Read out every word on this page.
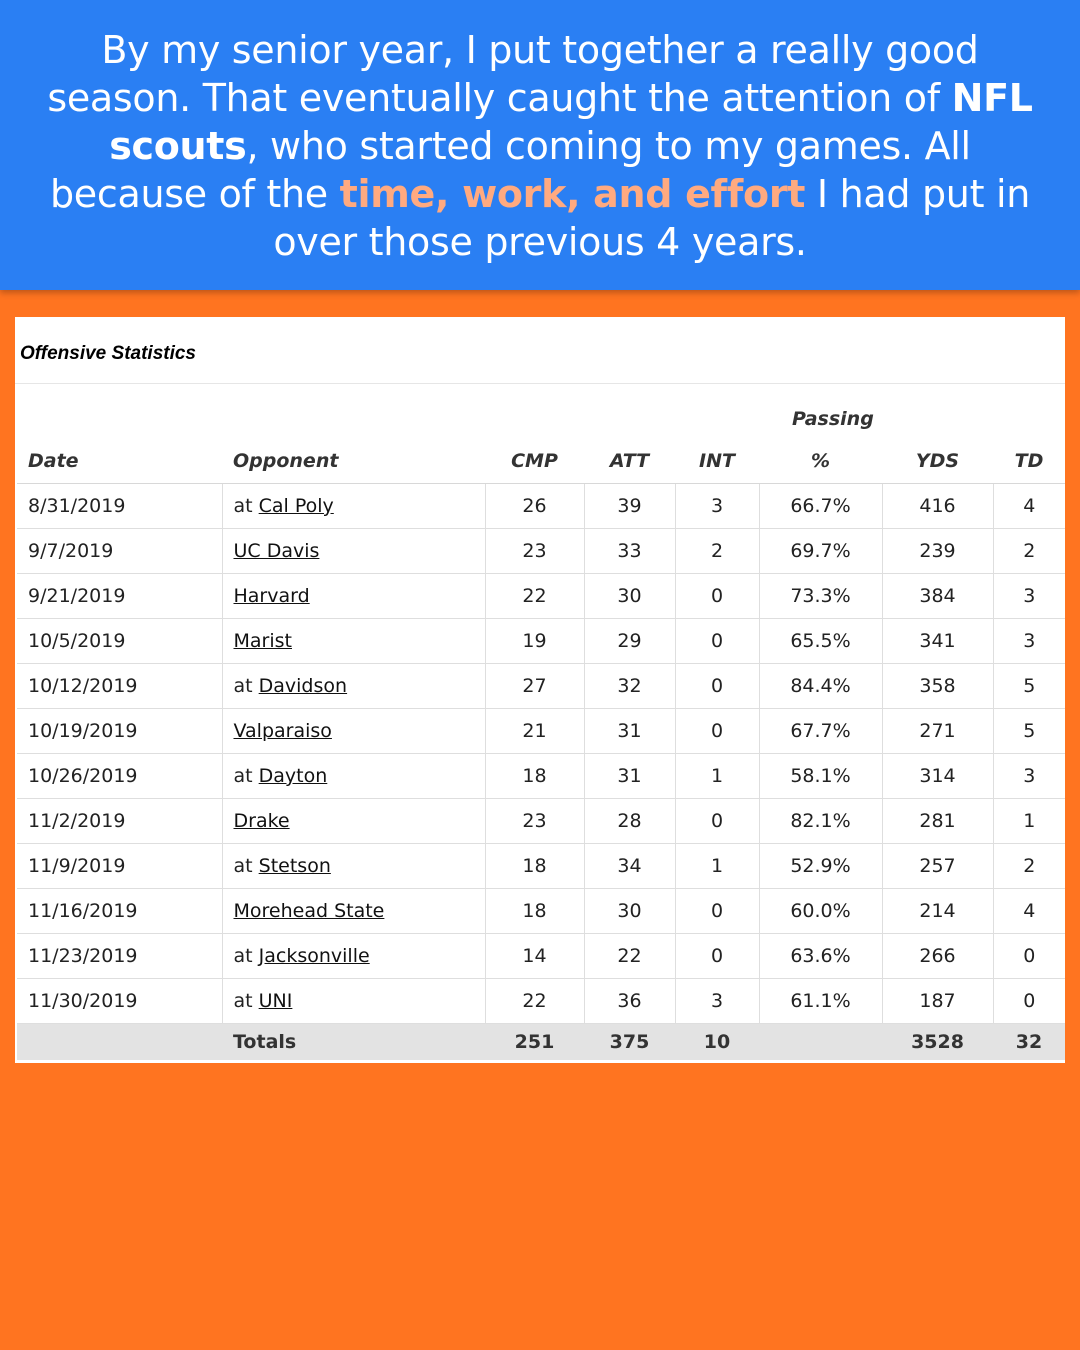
By my senior year, I put together a really good season. That eventually caught the attention of NFL scouts, who started coming to my games. All because of the time, work, and effort I had put in over those previous 4 years.

Offensive Statistics
					Passing		
Date	Opponent	CMP	ATT	INT	%	YDS	TD
8/31/2019	at Cal Poly	26	39	3	66.7%	416	4
9/7/2019	UC Davis	23	33	2	69.7%	239	2
9/21/2019	Harvard	22	30	0	73.3%	384	3
10/5/2019	Marist	19	29	0	65.5%	341	3
10/12/2019	at Davidson	27	32	0	84.4%	358	5
10/19/2019	Valparaiso	21	31	0	67.7%	271	5
10/26/2019	at Dayton	18	31	1	58.1%	314	3
11/2/2019	Drake	23	28	0	82.1%	281	1
11/9/2019	at Stetson	18	34	1	52.9%	257	2
11/16/2019	Morehead State	18	30	0	60.0%	214	4
11/23/2019	at Jacksonville	14	22	0	63.6%	266	0
11/30/2019	at UNI	22	36	3	61.1%	187	0
	Totals	251	375	10		3528	32
